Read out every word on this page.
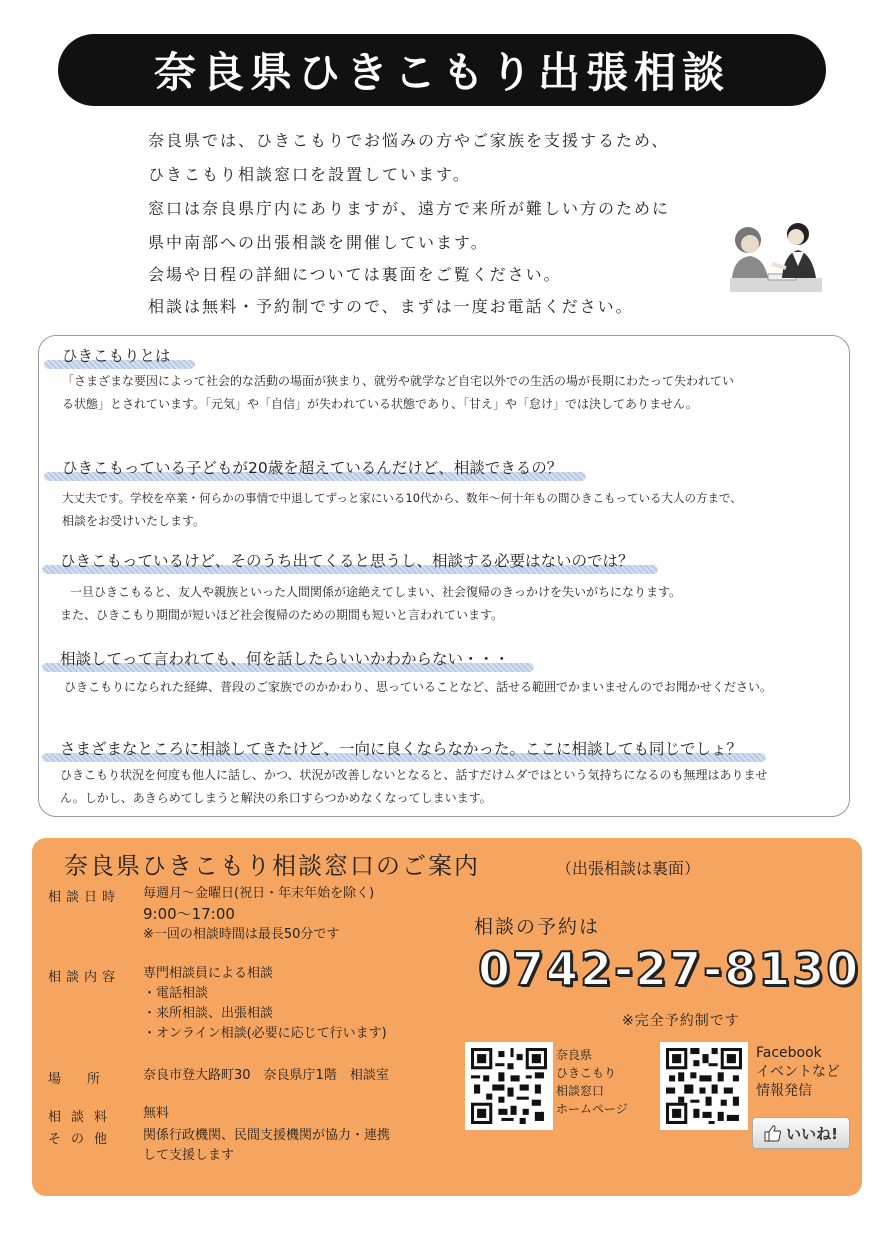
奈良県ひきこもり出張相談
奈良県では、ひきこもりでお悩みの方やご家族を支援するため、
ひきこもり相談窓口を設置しています。
窓口は奈良県庁内にありますが、遠方で来所が難しい方のために
県中南部への出張相談を開催しています。
会場や日程の詳細については裏面をご覧ください。
相談は無料・予約制ですので、まずは一度お電話ください。
ひきこもりとは
「さまざまな要因によって社会的な活動の場面が狭まり、就労や就学など自宅以外での生活の場が長期にわたって失われてい
る状態」とされています。「元気」や「自信」が失われている状態であり、「甘え」や「怠け」では決してありません。
ひきこもっている子どもが20歳を超えているんだけど、相談できるの？
大丈夫です。学校を卒業・何らかの事情で中退してずっと家にいる10代から、数年～何十年もの間ひきこもっている大人の方まで、
相談をお受けいたします。
ひきこもっているけど、そのうち出てくると思うし、相談する必要はないのでは？
一旦ひきこもると、友人や親族といった人間関係が途絶えてしまい、社会復帰のきっかけを失いがちになります。
また、ひきこもり期間が短いほど社会復帰のための期間も短いと言われています。
相談してって言われても、何を話したらいいかわからない・・・
ひきこもりになられた経緯、普段のご家族でのかかわり、思っていることなど、話せる範囲でかまいませんのでお聞かせください。
さまざまなところに相談してきたけど、一向に良くならなかった。ここに相談しても同じでしょ？
ひきこもり状況を何度も他人に話し、かつ、状況が改善しないとなると、話すだけムダではという気持ちになるのも無理はありませ
ん。しかし、あきらめてしまうと解決の糸口すらつかめなくなってしまいます。
奈良県ひきこもり相談窓口のご案内	（出張相談は裏面）
相談日時 毎週月～金曜日(祝日・年末年始を除く)
9:00～17:00
※一回の相談時間は最長50分です
相談内容 専門相談員による相談
・電話相談
・来所相談、出張相談
・オンライン相談(必要に応じて行います)
場　　所	奈良市登大路町30　奈良県庁1階　相談室
相談料 無料
その他 関係行政機関、民間支援機関が協力・連携
して支援します
相談の予約は
0742-27-8130
※完全予約制です
奈良県
ひきこもり
相談窓口
ホームページ
Facebook
イベントなど
情報発信
いいね!
